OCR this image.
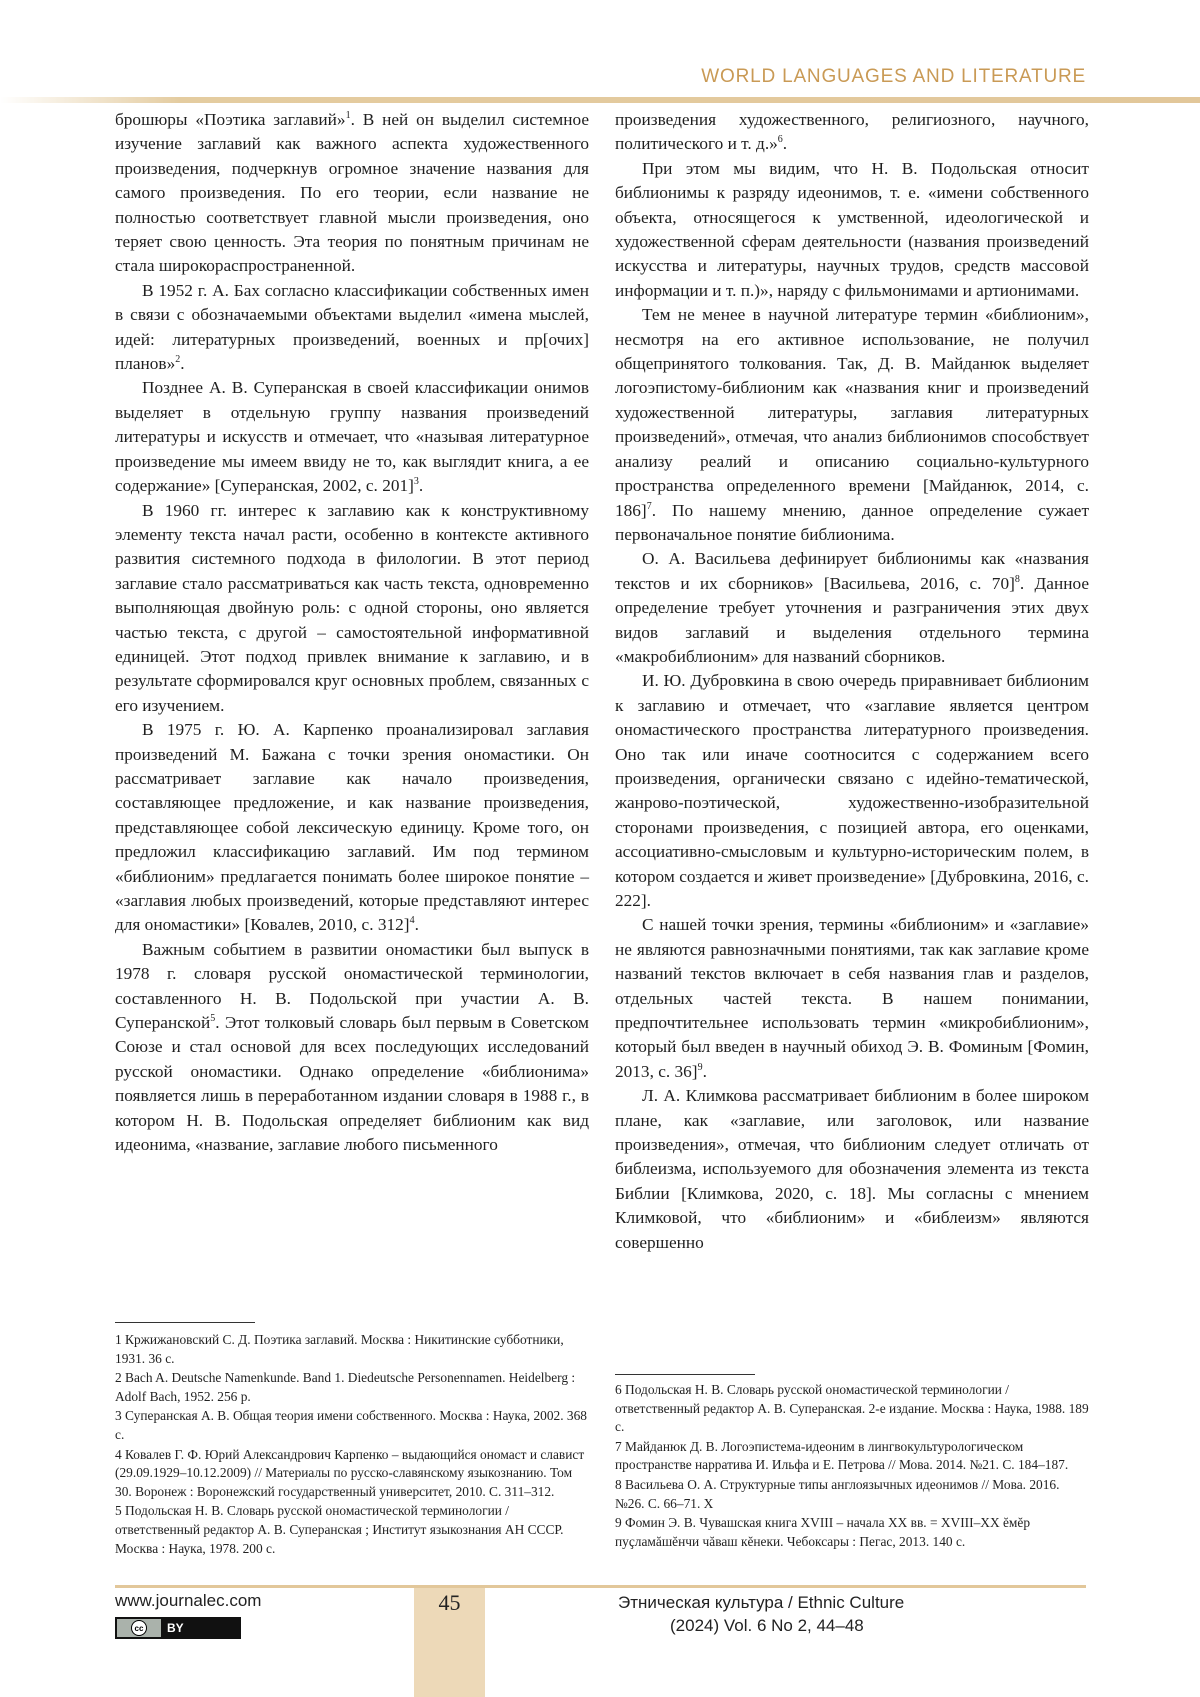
WORLD LANGUAGES AND LITERATURE

брошюры «Поэтика заглавий»$^1$. В ней он выделил системное изучение заглавий как важного аспекта художественного произведения, подчеркнув огромное значение названия для самого произведения. По его теории, если название не полностью соответствует главной мысли произведения, оно теряет свою ценность. Эта теория по понятным причинам не стала широкораспространенной.

В 1952 г. А. Бах согласно классификации собственных имен в связи с обозначаемыми объектами выделил «имена мыслей, идей: литературных произведений, военных и пр[очих] планов»$^2$.

Позднее А. В. Суперанская в своей классификации онимов выделяет в отдельную группу названия произведений литературы и искусств и отмечает, что «называя литературное произведение мы имеем ввиду не то, как выглядит книга, а ее содержание» [Суперанская, 2002, с. 201]$^3$.

В 1960 гг. интерес к заглавию как к конструктивному элементу текста начал расти, особенно в контексте активного развития системного подхода в филологии. В этот период заглавие стало рассматриваться как часть текста, одновременно выполняющая двойную роль: с одной стороны, оно является частью текста, с другой – самостоятельной информативной единицей. Этот подход привлек внимание к заглавию, и в результате сформировался круг основных проблем, связанных с его изучением.

В 1975 г. Ю. А. Карпенко проанализировал заглавия произведений М. Бажана с точки зрения ономастики. Он рассматривает заглавие как начало произведения, составляющее предложение, и как название произведения, представляющее собой лексическую единицу. Кроме того, он предложил классификацию заглавий. Им под термином «библионим» предлагается понимать более широкое понятие – «заглавия любых произведений, которые представляют интерес для ономастики» [Ковалев, 2010, с. 312]$^4$.

Важным событием в развитии ономастики был выпуск в 1978 г. словаря русской ономастической терминологии, составленного Н. В. Подольской при участии А. В. Суперанской$^5$. Этот толковый словарь был первым в Советском Союзе и стал основой для всех последующих исследований русской ономастики. Однако определение «библионима» появляется лишь в переработанном издании словаря в 1988 г., в котором Н. В. Подольская определяет библионим как вид идеонима, «название, заглавие любого письменного

произведения художественного, религиозного, научного, политического и т. д.»$^6$.

При этом мы видим, что Н. В. Подольская относит библионимы к разряду идеонимов, т. е. «имени собственного объекта, относящегося к умственной, идеологической и художественной сферам деятельности (названия произведений искусства и литературы, научных трудов, средств массовой информации и т. п.)», наряду с фильмонимами и артионимами.

Тем не менее в научной литературе термин «библионим», несмотря на его активное использование, не получил общепринятого толкования. Так, Д. В. Майданюк выделяет логоэпистому-библионим как «названия книг и произведений художественной литературы, заглавия литературных произведений», отмечая, что анализ библионимов способствует анализу реалий и описанию социально-культурного пространства определенного времени [Майданюк, 2014, с. 186]$^7$. По нашему мнению, данное определение сужает первоначальное понятие библионима.

О. А. Васильева дефинирует библионимы как «названия текстов и их сборников» [Васильева, 2016, с. 70]$^8$. Данное определение требует уточнения и разграничения этих двух видов заглавий и выделения отдельного термина «макробиблионим» для названий сборников.

И. Ю. Дубровкина в свою очередь приравнивает библионим к заглавию и отмечает, что «заглавие является центром ономастического пространства литературного произведения. Оно так или иначе соотносится с содержанием всего произведения, органически связано с идейно-тематической, жанрово-поэтической, художественно-изобразительной сторонами произведения, с позицией автора, его оценками, ассоциативно-смысловым и культурно-историческим полем, в котором создается и живет произведение» [Дубровкина, 2016, с. 222].

С нашей точки зрения, термины «библионим» и «заглавие» не являются равнозначными понятиями, так как заглавие кроме названий текстов включает в себя названия глав и разделов, отдельных частей текста. В нашем понимании, предпочтительнее использовать термин «микробиблионим», который был введен в научный обиход Э. В. Фоминым [Фомин, 2013, с. 36]$^9$.

Л. А. Климкова рассматривает библионим в более широком плане, как «заглавие, или заголовок, или название произведения», отмечая, что библионим следует отличать от библеизма, используемого для обозначения элемента из текста Библии [Климкова, 2020, с. 18]. Мы согласны с мнением Климковой, что «библионим» и «библеизм» являются совершенно

1 Кржижановский С. Д. Поэтика заглавий. Москва : Никитинские субботники, 1931. 36 с.
2 Bach A. Deutsche Namenkunde. Band 1. Diedeutsche Personennamen. Heidelberg : Adolf Bach, 1952. 256 p.
3 Суперанская А. В. Общая теория имени собственного. Москва : Наука, 2002. 368 с.
4 Ковалев Г. Ф. Юрий Александрович Карпенко – выдающийся ономаст и славист (29.09.1929–10.12.2009) // Материалы по русско-славянскому языкознанию. Том 30. Воронеж : Воронежский государственный университет, 2010. С. 311–312.
5 Подольская Н. В. Словарь русской ономастической терминологии / ответственный редактор А. В. Суперанская ; Институт языкознания АН СССР. Москва : Наука, 1978. 200 с.
6 Подольская Н. В. Словарь русской ономастической терминологии / ответственный редактор А. В. Суперанская. 2-е издание. Москва : Наука, 1988. 189 с.
7 Майданюк Д. В. Логоэпистема-идеоним в лингвокультурологическом пространстве нарратива И. Ильфа и Е. Петрова // Мова. 2014. №21. С. 184–187.
8 Васильева О. А. Структурные типы англоязычных идеонимов // Мова. 2016. №26. С. 66–71. Х
9 Фомин Э. В. Чувашская книга XVIII – начала XX вв. = XVIII–XX ĕмĕр пуҫламăшĕнчи чăваш кĕнеки. Чебоксары : Пегас, 2013. 140 с.
45
www.journalec.com
cc	BY
Этническая культура / Ethnic Culture
(2024) Vol. 6 No 2, 44–48
